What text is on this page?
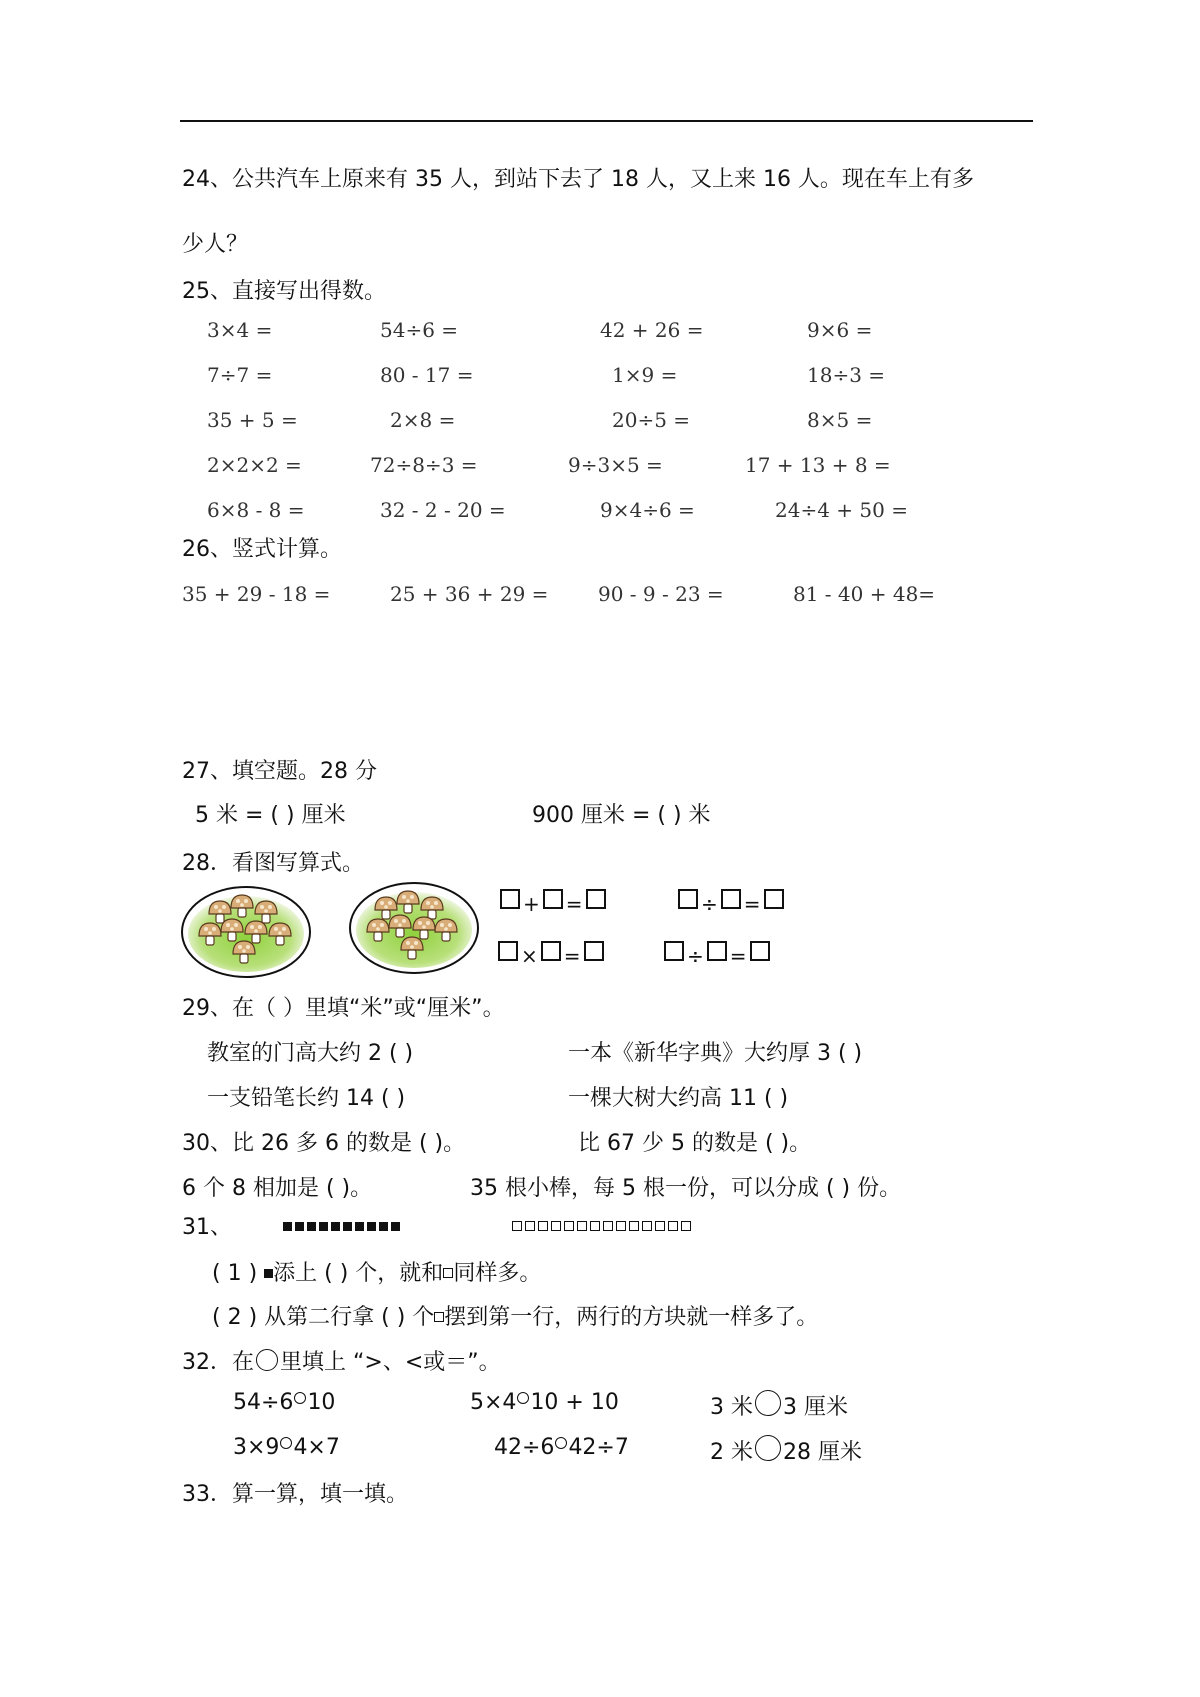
24、公共汽车上原来有 35 人，到站下去了 18 人，又上来 16 人。现在车上有多
少人？
25、直接写出得数。
3×4 =	54÷6 =	42 + 26 =	9×6 =
7÷7 =	80 - 17 =	1×9 =	18÷3 =
35 + 5 =	2×8 =	20÷5 =	8×5 =
2×2×2 =	72÷8÷3 =	9÷3×5 =	17 + 13 + 8 =
6×8 - 8 =	32 - 2 - 20 =	9×4÷6 =	24÷4 + 50 =
26、竖式计算。
35 + 29 - 18 =	25 + 36 + 29 = 90 - 9 - 23 =	81 - 40 + 48=
27、填空题。28 分
5 米 = ( ) 厘米	900 厘米 = ( ) 米
28．看图写算式。
+ =	÷ =
× =	÷ =
29、在（ ）里填“米”或“厘米”。
教室的门高大约 2 ( )	一本《新华字典》大约厚 3 ( )
一支铅笔长约 14 ( )	一棵大树大约高 11 ( )
30、比 26 多 6 的数是 ( )。	比 67 少 5 的数是 ( )。
6 个 8 相加是 ( )。	35 根小棒，每 5 根一份，可以分成 ( ) 份。
31、
( 1 ) 添上 ( ) 个，就和 同样多。
( 2 ) 从第二行拿 ( ) 个 摆到第一行，两行的方块就一样多了。
32．在 里填上 “>、<或＝”。
54÷6 10	5×4 10 + 10	3 米 3 厘米
3×9 4×7	42÷6 42÷7	2 米 28 厘米
33．算一算，填一填。
